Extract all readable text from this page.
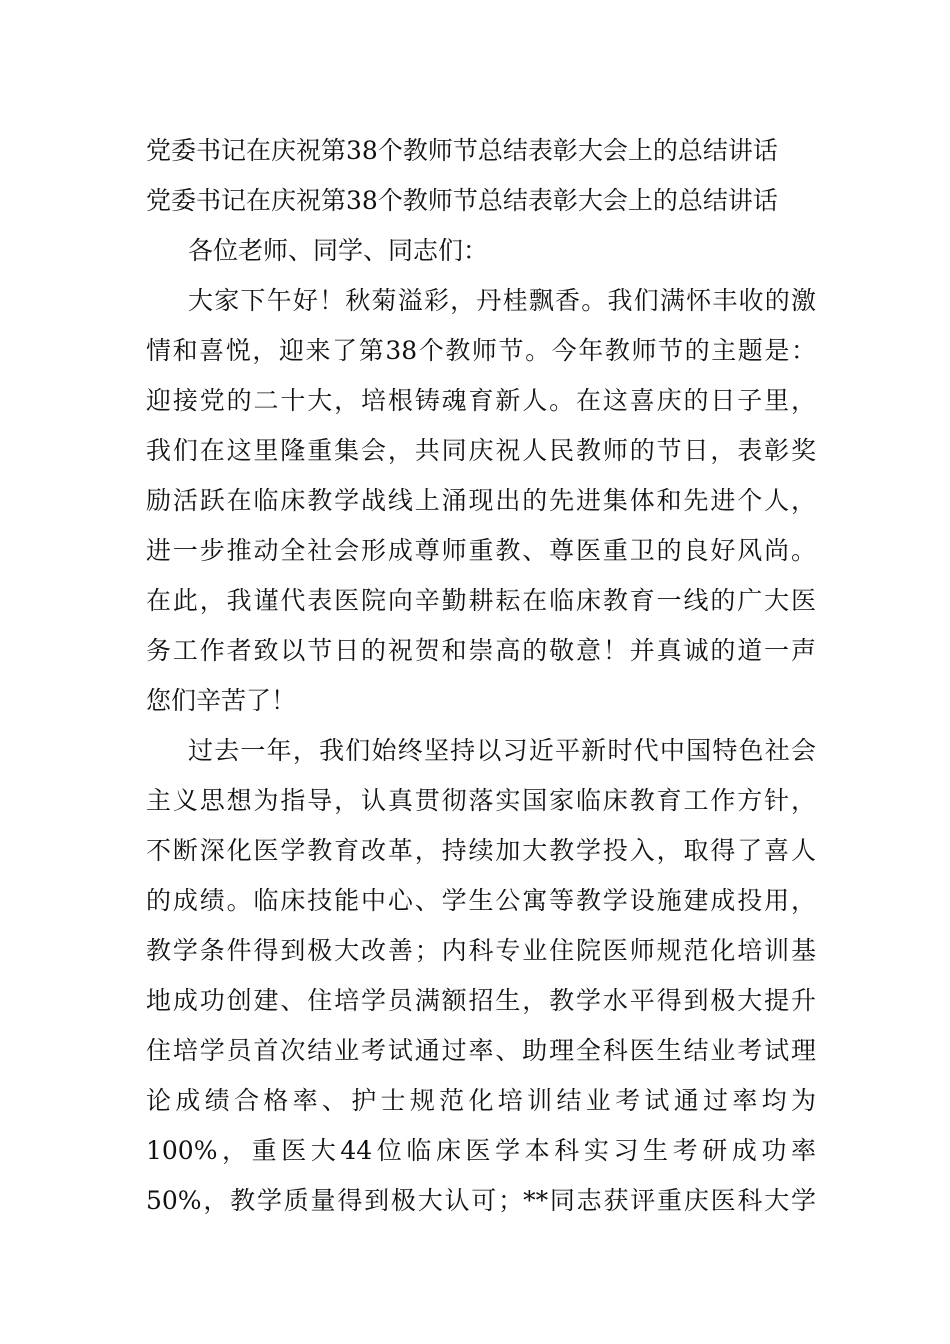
党委书记在庆祝第38个教师节总结表彰大会上的总结讲话
党委书记在庆祝第38个教师节总结表彰大会上的总结讲话
各位老师、同学、同志们：
大家下午好！秋菊溢彩，丹桂飘香。我们满怀丰收的激
情和喜悦，迎来了第38个教师节。今年教师节的主题是：
迎接党的二十大，培根铸魂育新人。在这喜庆的日子里，
我们在这里隆重集会，共同庆祝人民教师的节日，表彰奖
励活跃在临床教学战线上涌现出的先进集体和先进个人，
进一步推动全社会形成尊师重教、尊医重卫的良好风尚。
在此，我谨代表医院向辛勤耕耘在临床教育一线的广大医
务工作者致以节日的祝贺和崇高的敬意！并真诚的道一声
您们辛苦了！
过去一年，我们始终坚持以习近平新时代中国特色社会
主义思想为指导，认真贯彻落实国家临床教育工作方针，
不断深化医学教育改革，持续加大教学投入，取得了喜人
的成绩。临床技能中心、学生公寓等教学设施建成投用，
教学条件得到极大改善；内科专业住院医师规范化培训基
地成功创建、住培学员满额招生，教学水平得到极大提升
住培学员首次结业考试通过率、助理全科医生结业考试理
论成绩合格率、护士规范化培训结业考试通过率均为
100%，重医大44位临床医学本科实习生考研成功率
50%，教学质量得到极大认可；**同志获评重庆医科大学
